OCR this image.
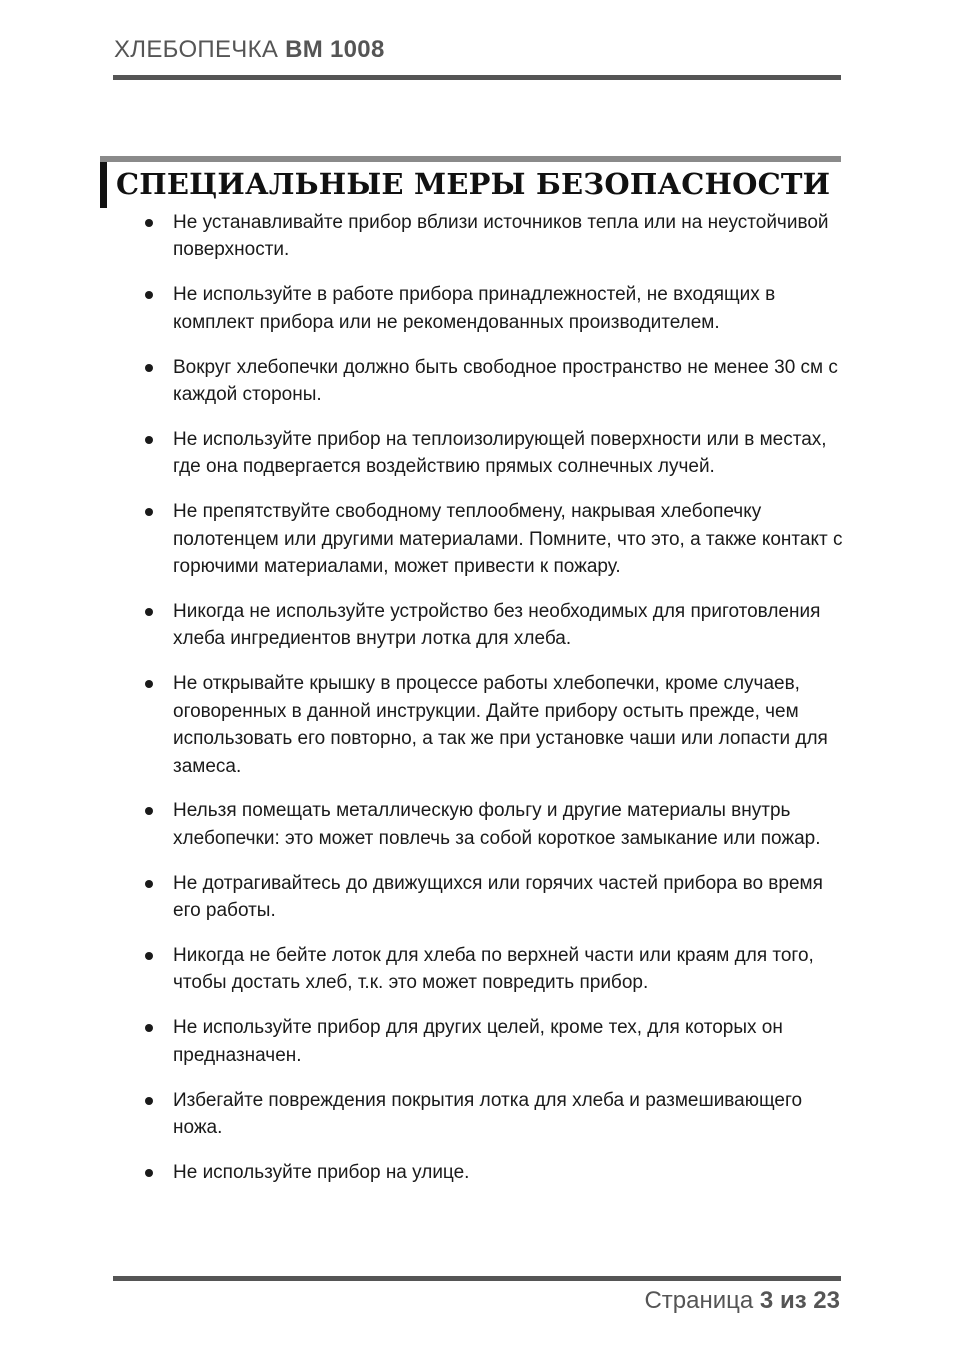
ХЛЕБОПЕЧКА BM 1008
СПЕЦИАЛЬНЫЕ МЕРЫ БЕЗОПАСНОСТИ
Не устанавливайте прибор вблизи источников тепла или на неустойчивой поверхности.
Не используйте в работе прибора принадлежностей, не входящих в комплект прибора или не рекомендованных производителем.
Вокруг хлебопечки должно быть свободное пространство не менее 30 см с каждой стороны.
Не используйте прибор на теплоизолирующей поверхности или в местах, где она подвергается воздействию прямых солнечных лучей.
Не препятствуйте свободному теплообмену, накрывая хлебопечку полотенцем или другими материалами. Помните, что это, а также контакт с горючими материалами, может привести к пожару.
Никогда не используйте устройство без необходимых для приготовления хлеба ингредиентов внутри лотка для хлеба.
Не открывайте крышку в процессе работы хлебопечки, кроме случаев, оговоренных в данной инструкции. Дайте прибору остыть прежде, чем использовать его повторно, а так же при установке чаши или лопасти для замеса.
Нельзя помещать металлическую фольгу и другие материалы внутрь хлебопечки: это может повлечь за собой короткое замыкание или пожар.
Не дотрагивайтесь до движущихся или горячих частей прибора во время его работы.
Никогда не бейте лоток для хлеба по верхней части или краям для того, чтобы достать хлеб, т.к. это может повредить прибор.
Не используйте прибор для других целей, кроме тех, для которых он предназначен.
Избегайте повреждения покрытия лотка для хлеба и размешивающего ножа.
Не используйте прибор на улице.
Страница 3 из 23
